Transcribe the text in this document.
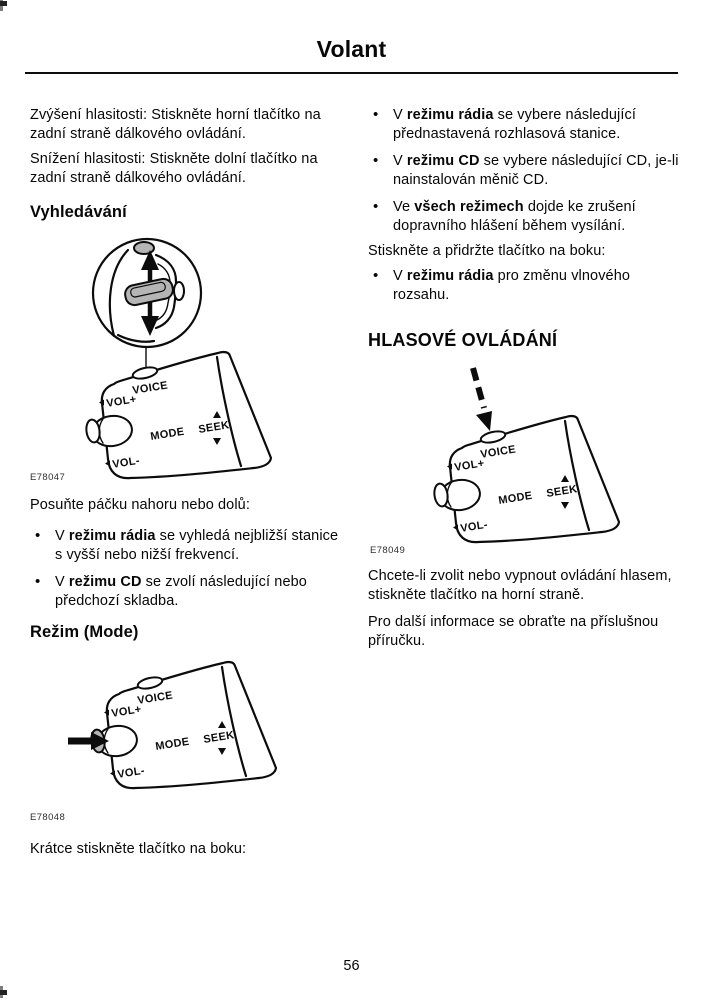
Volant

Zvýšení hlasitosti: Stiskněte horní tlačítko na zadní straně dálkového ovládání.

Snížení hlasitosti: Stiskněte dolní tlačítko na zadní straně dálkového ovládání.

Vyhledávání
VOICE
VOL+
MODE SEEK
VOL-
E78047

Posuňte páčku nahoru nebo dolů:

• V režimu rádia se vyhledá nejbližší stanice s vyšší nebo nižší frekvencí.
• V režimu CD se zvolí následující nebo předchozí skladba.
Režim (Mode)
VOICE
VOL+
MODE SEEK
VOL-
E78048

Krátce stiskněte tlačítko na boku:

• V režimu rádia se vybere následující přednastavená rozhlasová stanice.
• V režimu CD se vybere následující CD, je-li nainstalován měnič CD.
• Ve všech režimech dojde ke zrušení dopravního hlášení během vysílání.

Stiskněte a přidržte tlačítko na boku:

• V režimu rádia pro změnu vlnového rozsahu.
HLASOVÉ OVLÁDÁNÍ
VOICE
VOL+
MODE SEEK
VOL-
E78049

Chcete-li zvolit nebo vypnout ovládání hlasem, stiskněte tlačítko na horní straně.

Pro další informace se obraťte na příslušnou příručku.

56
